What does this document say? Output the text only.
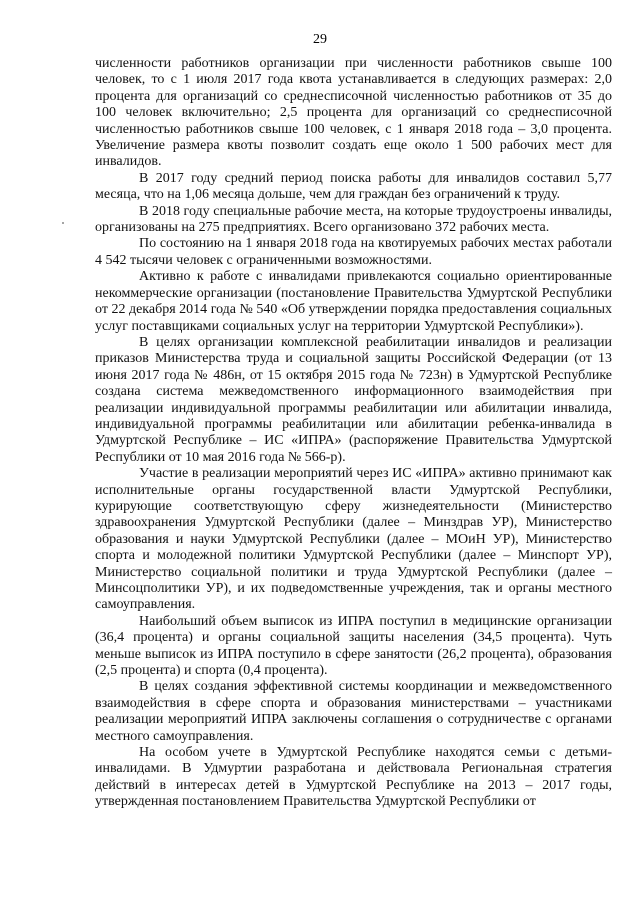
29

численности работников организации при численности работников свыше 100 человек, то с 1 июля 2017 года квота устанавливается в следующих размерах: 2,0 процента для организаций со среднесписочной численностью работников от 35 до 100 человек включительно; 2,5 процента для организаций со среднесписочной численностью работников свыше 100 человек, с 1 января 2018 года – 3,0 процента. Увеличение размера квоты позволит создать еще около 1 500 рабочих мест для инвалидов.

В 2017 году средний период поиска работы для инвалидов составил 5,77 месяца, что на 1,06 месяца дольше, чем для граждан без ограничений к труду.

В 2018 году специальные рабочие места, на которые трудоустроены инвалиды, организованы на 275 предприятиях. Всего организовано 372 рабочих места.

По состоянию на 1 января 2018 года на квотируемых рабочих местах работали 4 542 тысячи человек с ограниченными возможностями.

Активно к работе с инвалидами привлекаются социально ориентированные некоммерческие организации (постановление Правительства Удмуртской Республики от 22 декабря 2014 года № 540 «Об утверждении порядка предоставления социальных услуг поставщиками социальных услуг на территории Удмуртской Республики»).

В целях организации комплексной реабилитации инвалидов и реализации приказов Министерства труда и социальной защиты Российской Федерации (от 13 июня 2017 года № 486н, от 15 октября 2015 года № 723н) в Удмуртской Республике создана система межведомственного информационного взаимодействия при реализации индивидуальной программы реабилитации или абилитации инвалида, индивидуальной программы реабилитации или абилитации ребенка-инвалида в Удмуртской Республике – ИС «ИПРА» (распоряжение Правительства Удмуртской Республики от 10 мая 2016 года № 566-р).

Участие в реализации мероприятий через ИС «ИПРА» активно принимают как исполнительные органы государственной власти Удмуртской Республики, курирующие соответствующую сферу жизнедеятельности (Министерство здравоохранения Удмуртской Республики (далее – Минздрав УР), Министерство образования и науки Удмуртской Республики (далее – МОиН УР), Министерство спорта и молодежной политики Удмуртской Республики (далее – Минспорт УР), Министерство социальной политики и труда Удмуртской Республики (далее – Минсоцполитики УР), и их подведомственные учреждения, так и органы местного самоуправления.

Наибольший объем выписок из ИПРА поступил в медицинские организации (36,4 процента) и органы социальной защиты населения (34,5 процента). Чуть меньше выписок из ИПРА поступило в сфере занятости (26,2 процента), образования (2,5 процента) и спорта (0,4 процента).

В целях создания эффективной системы координации и межведомственного взаимодействия в сфере спорта и образования министерствами – участниками реализации мероприятий ИПРА заключены соглашения о сотрудничестве с органами местного самоуправления.

На особом учете в Удмуртской Республике находятся семьи с детьми-инвалидами. В Удмуртии разработана и действовала Региональная стратегия действий в интересах детей в Удмуртской Республике на 2013 – 2017 годы, утвержденная постановлением Правительства Удмуртской Республики от
